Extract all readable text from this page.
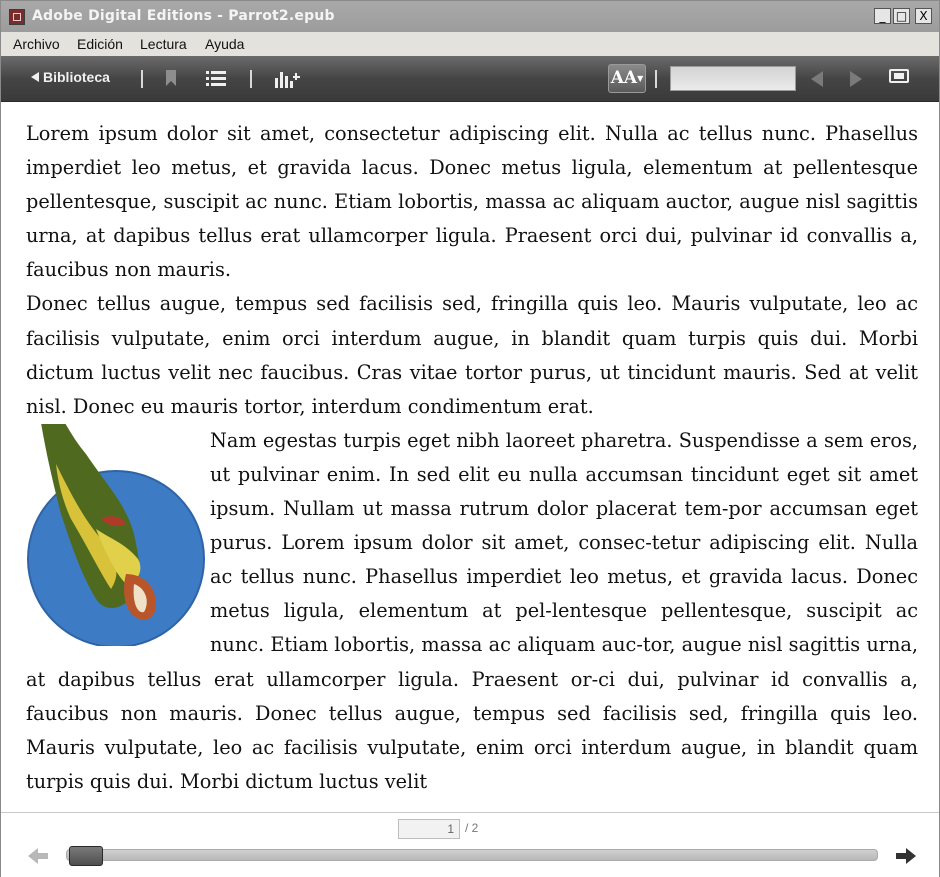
Adobe Digital Editions - Parrot2.epub	_ □	X
Archivo Edición Lectura Ayuda
Biblioteca	AA▼

Lorem ipsum dolor sit amet, consectetur adipiscing elit. Nulla ac tellus nunc. Phasellus imperdiet leo metus, et gravida lacus. Donec metus ligula, elementum at pellentesque pellentesque, suscipit ac nunc. Etiam lobortis, massa ac aliquam auctor, augue nisl sagittis urna, at dapibus tellus erat ullamcorper ligula. Praesent orci dui, pulvinar id convallis a, faucibus non mauris.

Donec tellus augue, tempus sed facilisis sed, fringilla quis leo. Mauris vulputate, leo ac facilisis vulputate, enim orci interdum augue, in blandit quam turpis quis dui. Morbi dictum luctus velit nec faucibus. Cras vitae tortor purus, ut tincidunt mauris. Sed at velit nisl. Donec eu mauris tortor, interdum condimentum erat.

Nam egestas turpis eget nibh laoreet pharetra. Suspendisse a sem eros, ut pulvinar enim. In sed elit eu nulla accumsan tincidunt eget sit amet ipsum. Nullam ut massa rutrum dolor placerat tem-por accumsan eget purus. Lorem ipsum dolor sit amet, consec-tetur adipiscing elit. Nulla ac tellus nunc. Phasellus imperdiet leo metus, et gravida lacus. Donec metus ligula, elementum at pel-lentesque pellentesque, suscipit ac nunc. Etiam lobortis, massa ac aliquam auc-tor, augue nisl sagittis urna, at dapibus tellus erat ullamcorper ligula. Praesent or-ci dui, pulvinar id convallis a, faucibus non mauris. Donec tellus augue, tempus sed facilisis sed, fringilla quis leo. Mauris vulputate, leo ac facilisis vulputate, enim orci interdum augue, in blandit quam turpis quis dui. Morbi dictum luctus velit

1 / 2
